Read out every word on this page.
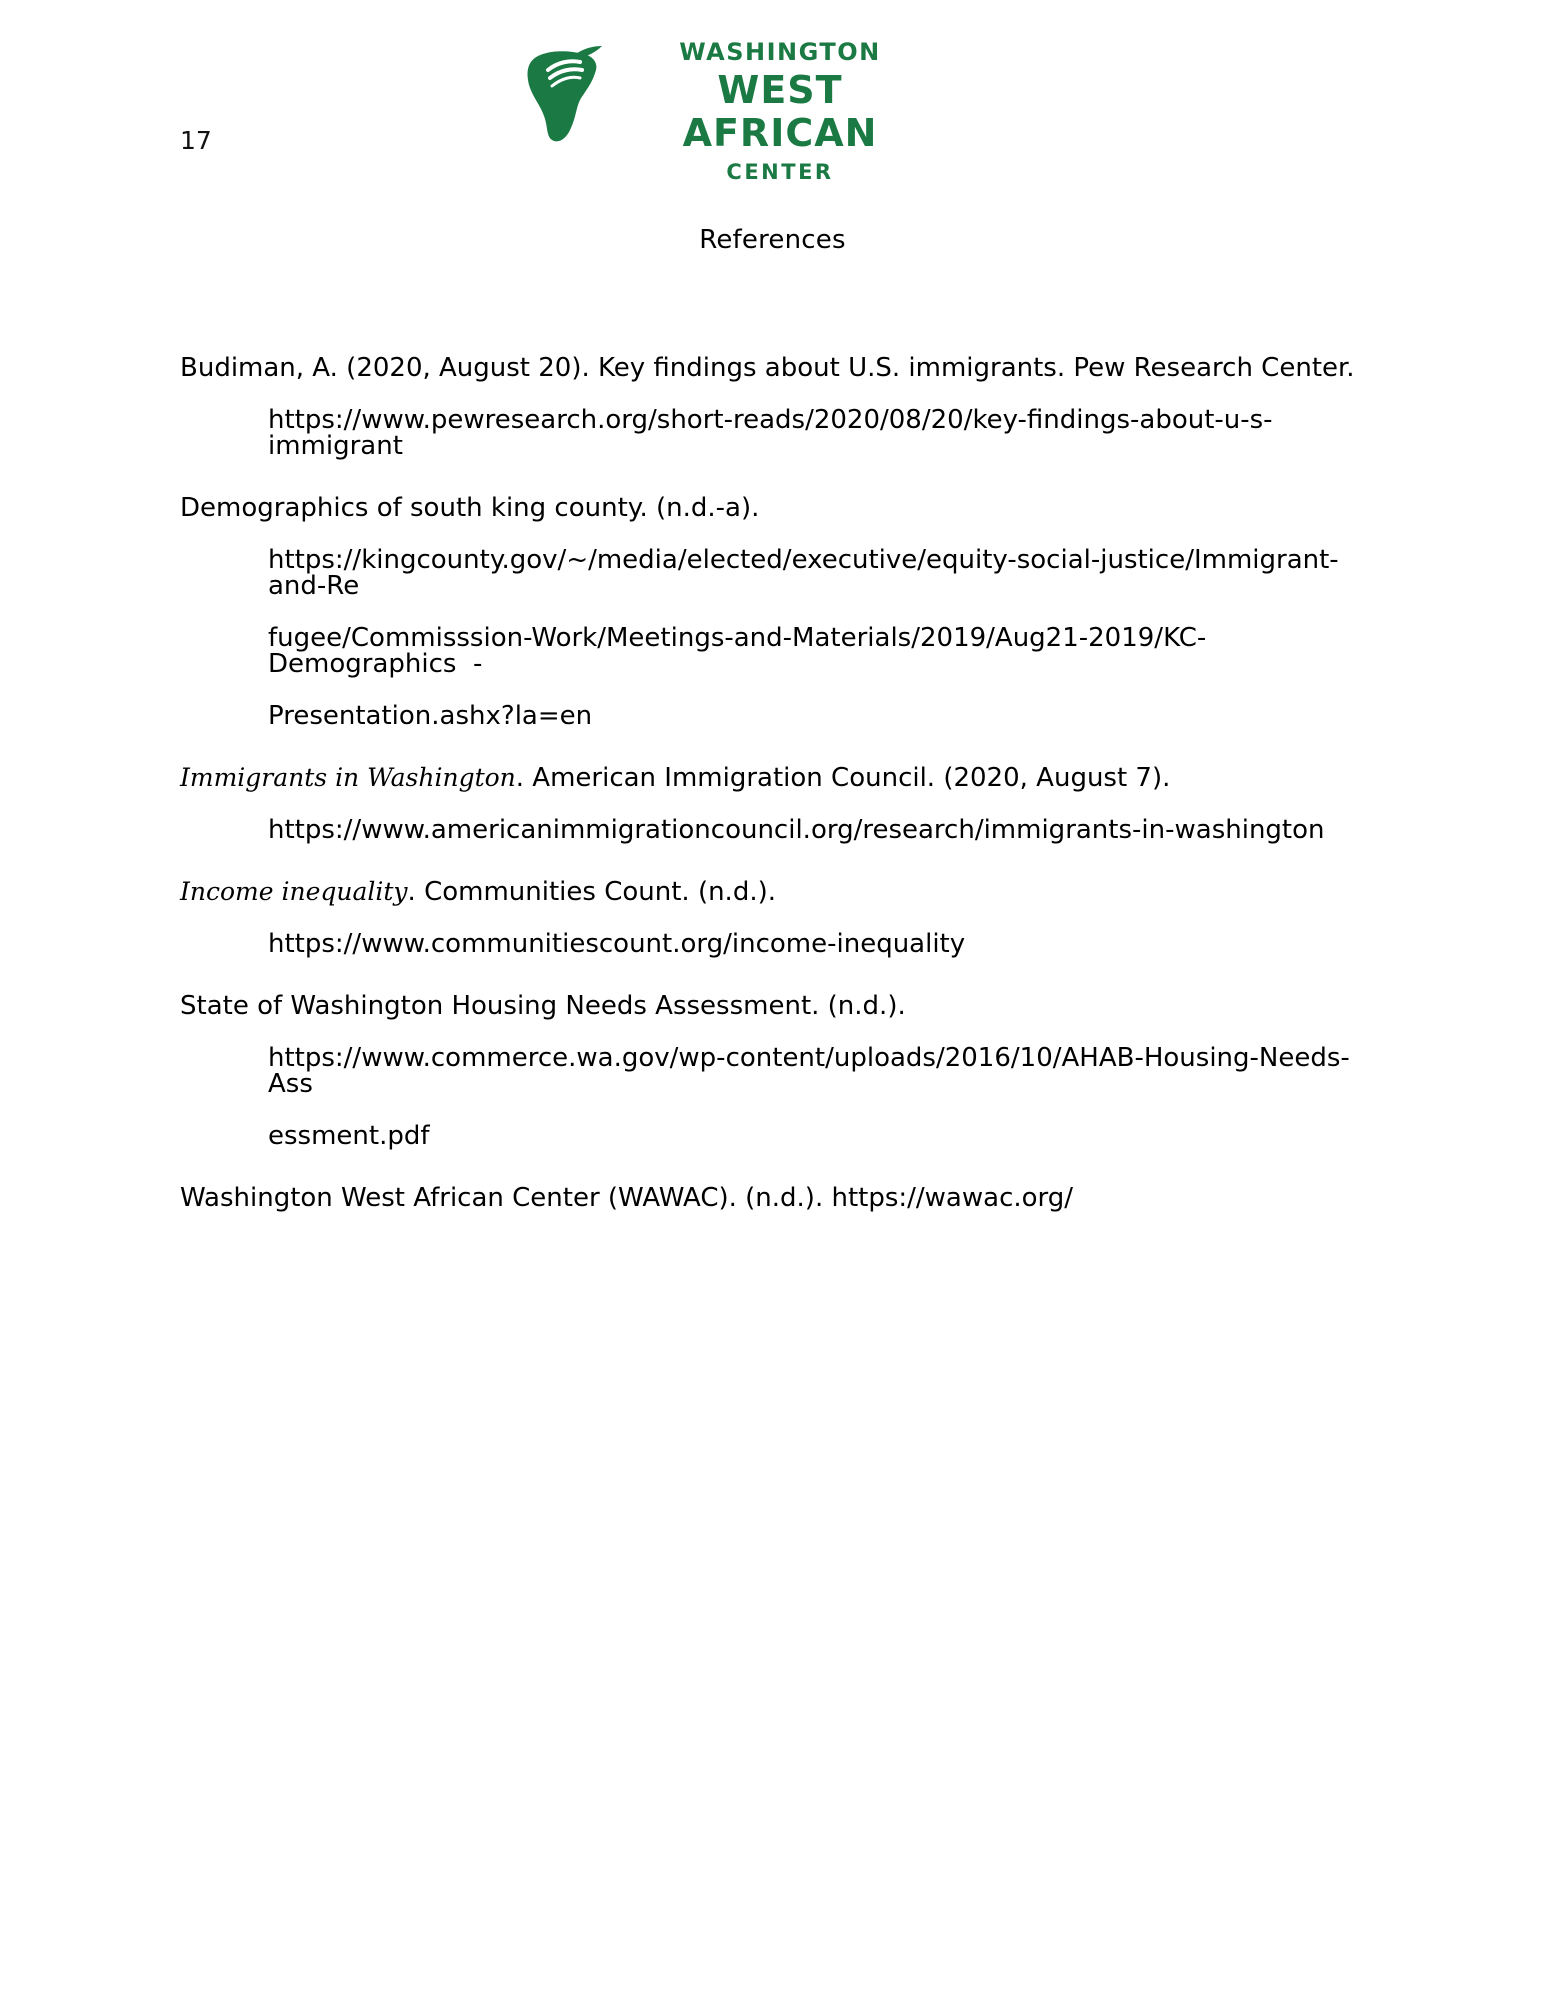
17
WASHINGTON
WEST AFRICAN
CENTER
References
Budiman, A. (2020, August 20). Key findings about U.S. immigrants. Pew Research Center.
https://www.pewresearch.org/short-reads/2020/08/20/key-findings-about-u-s-immigrant
Demographics of south king county. (n.d.-a).
https://kingcounty.gov/~/media/elected/executive/equity-social-justice/Immigrant-and-Re
fugee/Commisssion-Work/Meetings-and-Materials/2019/Aug21-2019/KC-Demographics  -
Presentation.ashx?la=en
Immigrants in Washington. American Immigration Council. (2020, August 7).
https://www.americanimmigrationcouncil.org/research/immigrants-in-washington
Income inequality. Communities Count. (n.d.).
https://www.communitiescount.org/income-inequality
State of Washington Housing Needs Assessment. (n.d.).
https://www.commerce.wa.gov/wp-content/uploads/2016/10/AHAB-Housing-Needs-Ass
essment.pdf
Washington West African Center (WAWAC). (n.d.). https://wawac.org/
